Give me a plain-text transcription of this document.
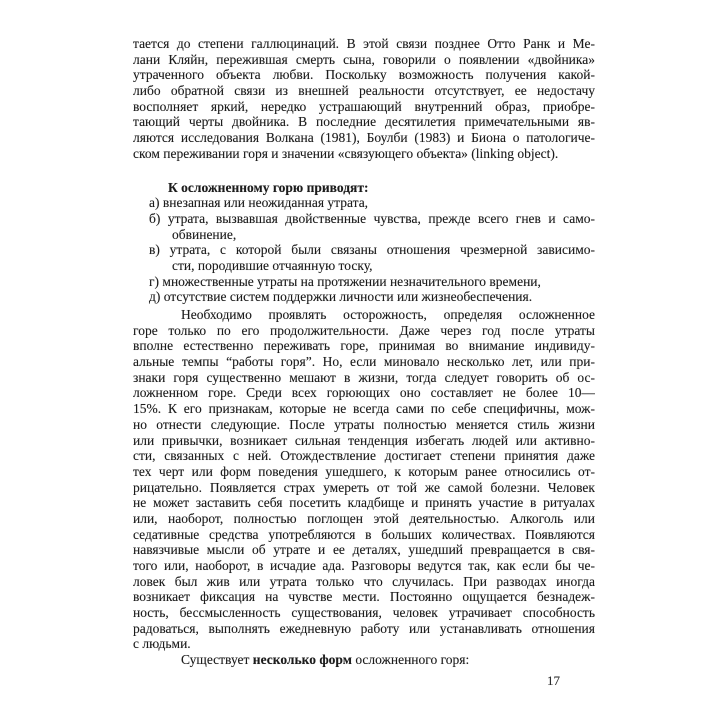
тается до степени галлюцинаций. В этой связи позднее Отто Ранк и Ме-
лани Кляйн, пережившая смерть сына, говорили о появлении «двойника»
утраченного объекта любви. Поскольку возможность получения какой-
либо обратной связи из внешней реальности отсутствует, ее недостачу
восполняет яркий, нередко устрашающий внутренний образ, приобре-
тающий черты двойника. В последние десятилетия примечательными яв-
ляются исследования Волкана (1981), Боулби (1983) и Биона о патологиче-
ском переживании горя и значении «связующего объекта» (linking object).
К осложненному горю приводят:
а) внезапная или неожиданная утрата,
б) утрата, вызвавшая двойственные чувства, прежде всего гнев и само-
обвинение,
в) утрата, с которой были связаны отношения чрезмерной зависимо-
сти, породившие отчаянную тоску,
г) множественные утраты на протяжении незначительного времени,
д) отсутствие систем поддержки личности или жизнеобеспечения.
Необходимо проявлять осторожность, определяя осложненное
горе только по его продолжительности. Даже через год после утраты
вполне естественно переживать горе, принимая во внимание индивиду-
альные темпы “работы горя”. Но, если миновало несколько лет, или при-
знаки горя существенно мешают в жизни, тогда следует говорить об ос-
ложненном горе. Среди всех горюющих оно составляет не более 10—
15%. К его признакам, которые не всегда сами по себе специфичны, мож-
но отнести следующие. После утраты полностью меняется стиль жизни
или привычки, возникает сильная тенденция избегать людей или активно-
сти, связанных с ней. Отождествление достигает степени принятия даже
тех черт или форм поведения ушедшего, к которым ранее относились от-
рицательно. Появляется страх умереть от той же самой болезни. Человек
не может заставить себя посетить кладбище и принять участие в ритуалах
или, наоборот, полностью поглощен этой деятельностью. Алкоголь или
седативные средства употребляются в больших количествах. Появляются
навязчивые мысли об утрате и ее деталях, ушедший превращается в свя-
того или, наоборот, в исчадие ада. Разговоры ведутся так, как если бы че-
ловек был жив или утрата только что случилась. При разводах иногда
возникает фиксация на чувстве мести. Постоянно ощущается безнадеж-
ность, бессмысленность существования, человек утрачивает способность
радоваться, выполнять ежедневную работу или устанавливать отношения
с людьми.
Существует несколько форм осложненного горя:
17
